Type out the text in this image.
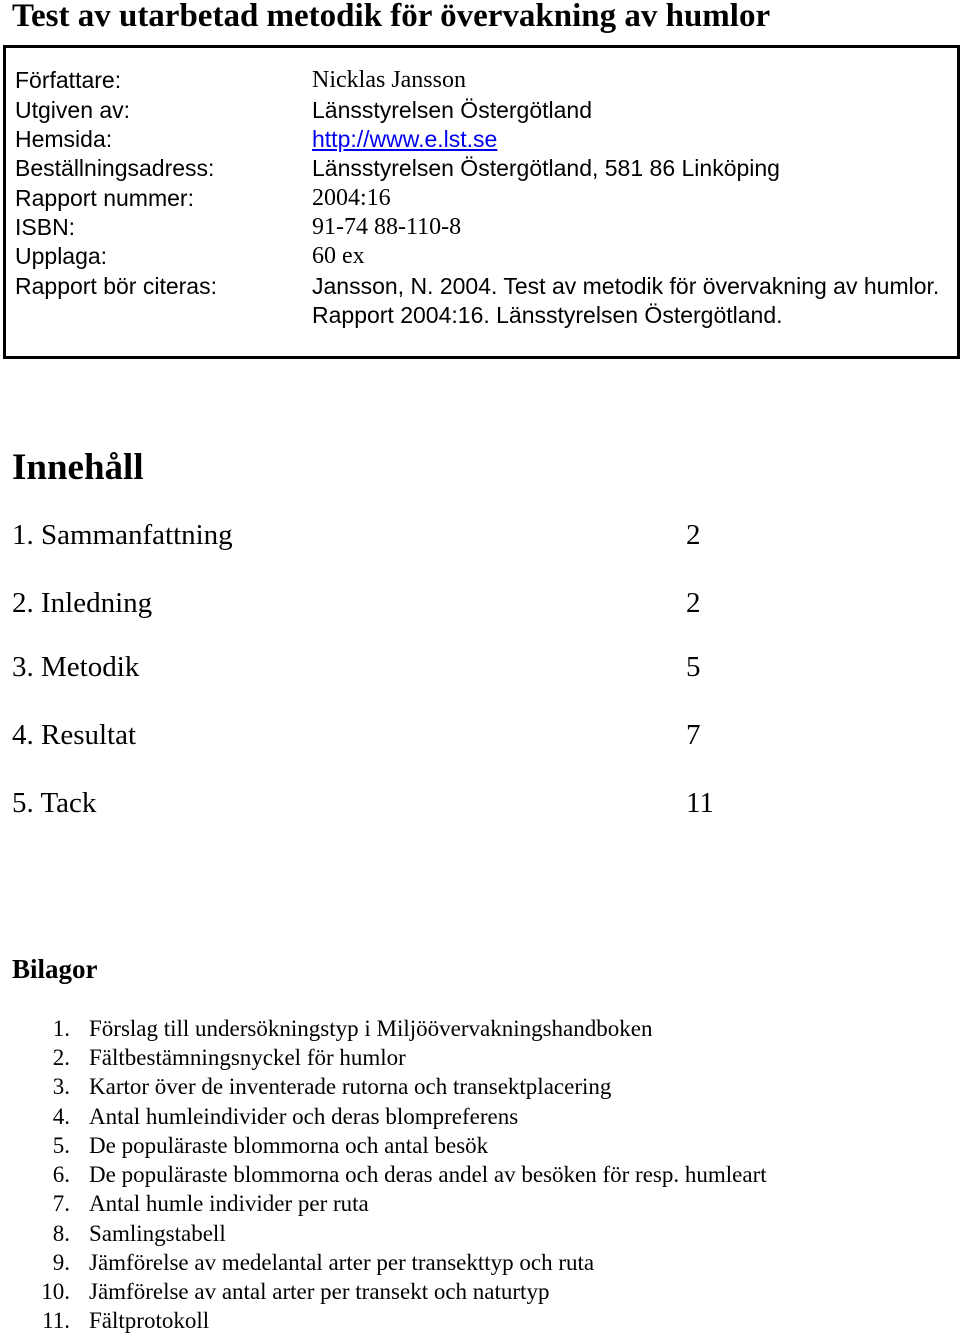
Test av utarbetad metodik för övervakning av humlor
Författare:	Nicklas Jansson
Utgiven av:	Länsstyrelsen Östergötland
Hemsida:	http://www.e.lst.se
Beställningsadress:	Länsstyrelsen Östergötland, 581 86 Linköping
Rapport nummer:	2004:16
ISBN:	91-74 88-110-8
Upplaga:	60 ex
Rapport bör citeras:	Jansson, N. 2004. Test av metodik för övervakning av humlor.
Rapport 2004:16. Länsstyrelsen Östergötland.
Innehåll
1. Sammanfattning	2
2. Inledning	2
3. Metodik	5
4. Resultat	7
5. Tack	11
Bilagor
1. Förslag till undersökningstyp i Miljöövervakningshandboken
2. Fältbestämningsnyckel för humlor
3. Kartor över de inventerade rutorna och transektplacering
4. Antal humleindivider och deras blompreferens
5. De populäraste blommorna och antal besök
6. De populäraste blommorna och deras andel av besöken för resp. humleart
7. Antal humle individer per ruta
8. Samlingstabell
9. Jämförelse av medelantal arter per transekttyp och ruta
10. Jämförelse av antal arter per transekt och naturtyp
11. Fältprotokoll
